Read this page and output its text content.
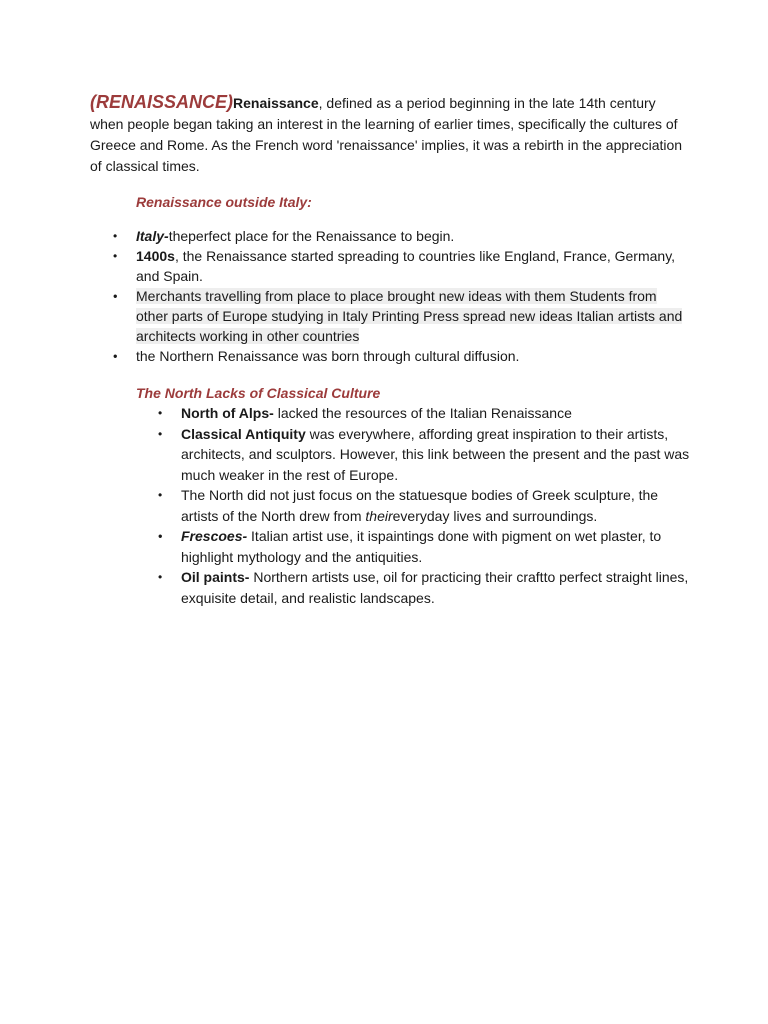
(RENAISSANCE)Renaissance, defined as a period beginning in the late 14th century when people began taking an interest in the learning of earlier times, specifically the cultures of Greece and Rome. As the French word 'renaissance' implies, it was a rebirth in the appreciation of classical times.

Renaissance outside Italy:

• Italy-theperfect place for the Renaissance to begin.
• 1400s, the Renaissance started spreading to countries like England, France, Germany, and Spain.
• Merchants travelling from place to place brought new ideas with them Students from other parts of Europe studying in Italy Printing Press spread new ideas Italian artists and architects working in other countries
• the Northern Renaissance was born through cultural diffusion.

The North Lacks of Classical Culture

• North of Alps- lacked the resources of the Italian Renaissance
• Classical Antiquity was everywhere, affording great inspiration to their artists, architects, and sculptors. However, this link between the present and the past was much weaker in the rest of Europe.
• The North did not just focus on the statuesque bodies of Greek sculpture, the artists of the North drew from theireveryday lives and surroundings.
• Frescoes- Italian artist use, it ispaintings done with pigment on wet plaster, to highlight mythology and the antiquities.
• Oil paints- Northern artists use, oil for practicing their craftto perfect straight lines, exquisite detail, and realistic landscapes.
